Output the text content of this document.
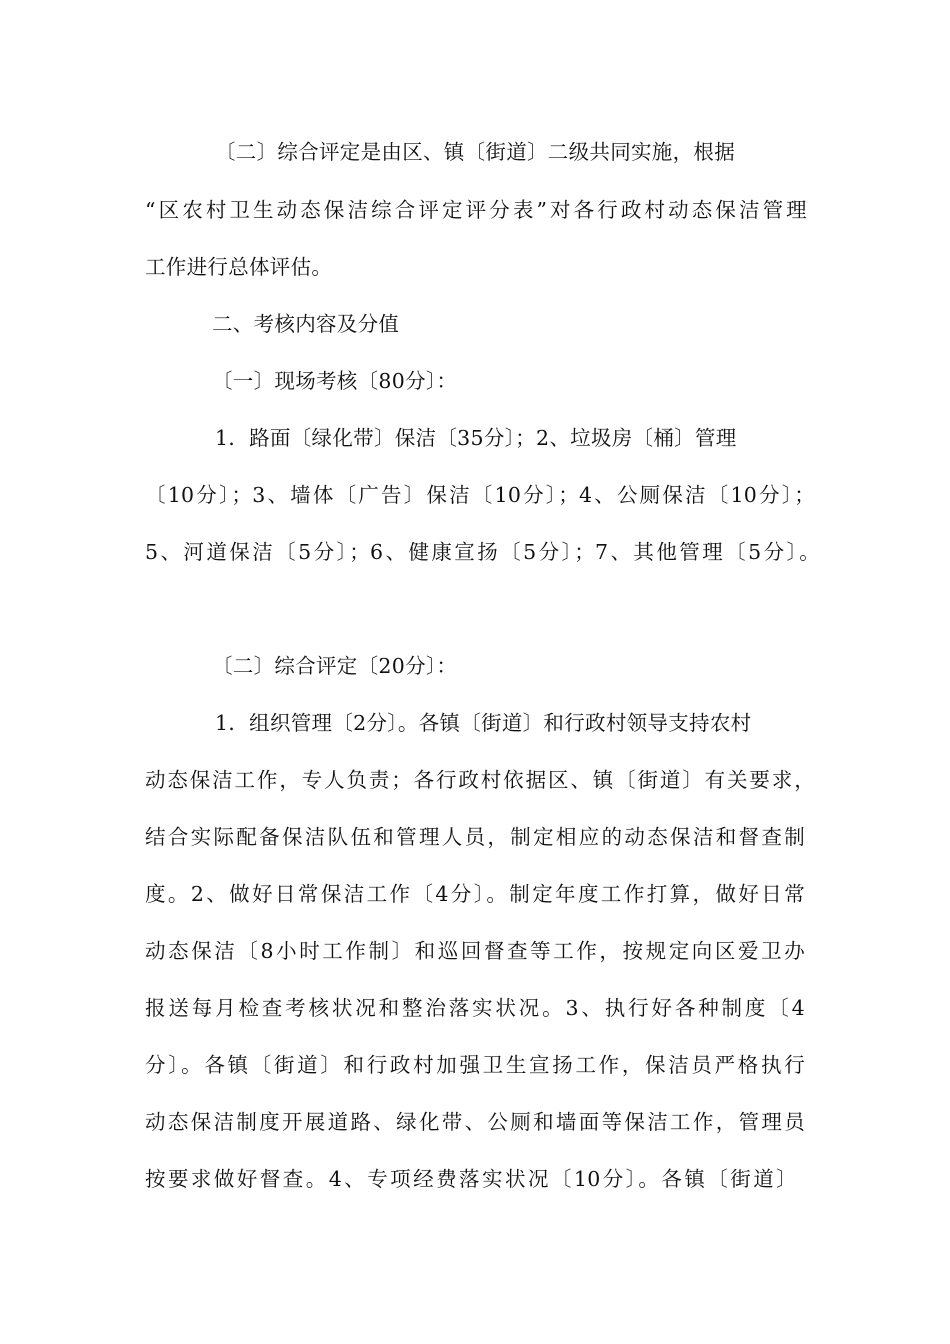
〔二〕综合评定是由区、镇〔街道〕二级共同实施，根据
“区农村卫生动态保洁综合评定评分表”对各行政村动态保洁管理
工作进行总体评估。
二、考核内容及分值
〔一〕现场考核〔80分〕：
1．路面〔绿化带〕保洁〔35分〕；2、垃圾房〔桶〕管理
〔10分〕；3、墙体〔广告〕保洁〔10分〕；4、公厕保洁〔10分〕；
5、河道保洁〔5分〕；6、健康宣扬〔5分〕；7、其他管理〔5分〕。
〔二〕综合评定〔20分〕：
1．组织管理〔2分〕。各镇〔街道〕和行政村领导支持农村
动态保洁工作，专人负责；各行政村依据区、镇〔街道〕有关要求，
结合实际配备保洁队伍和管理人员，制定相应的动态保洁和督查制
度。2、做好日常保洁工作〔4分〕。制定年度工作打算，做好日常
动态保洁〔8小时工作制〕和巡回督查等工作，按规定向区爱卫办
报送每月检查考核状况和整治落实状况。3、执行好各种制度〔4
分〕。各镇〔街道〕和行政村加强卫生宣扬工作，保洁员严格执行
动态保洁制度开展道路、绿化带、公厕和墙面等保洁工作，管理员
按要求做好督查。4、专项经费落实状况〔10分〕。各镇〔街道〕
